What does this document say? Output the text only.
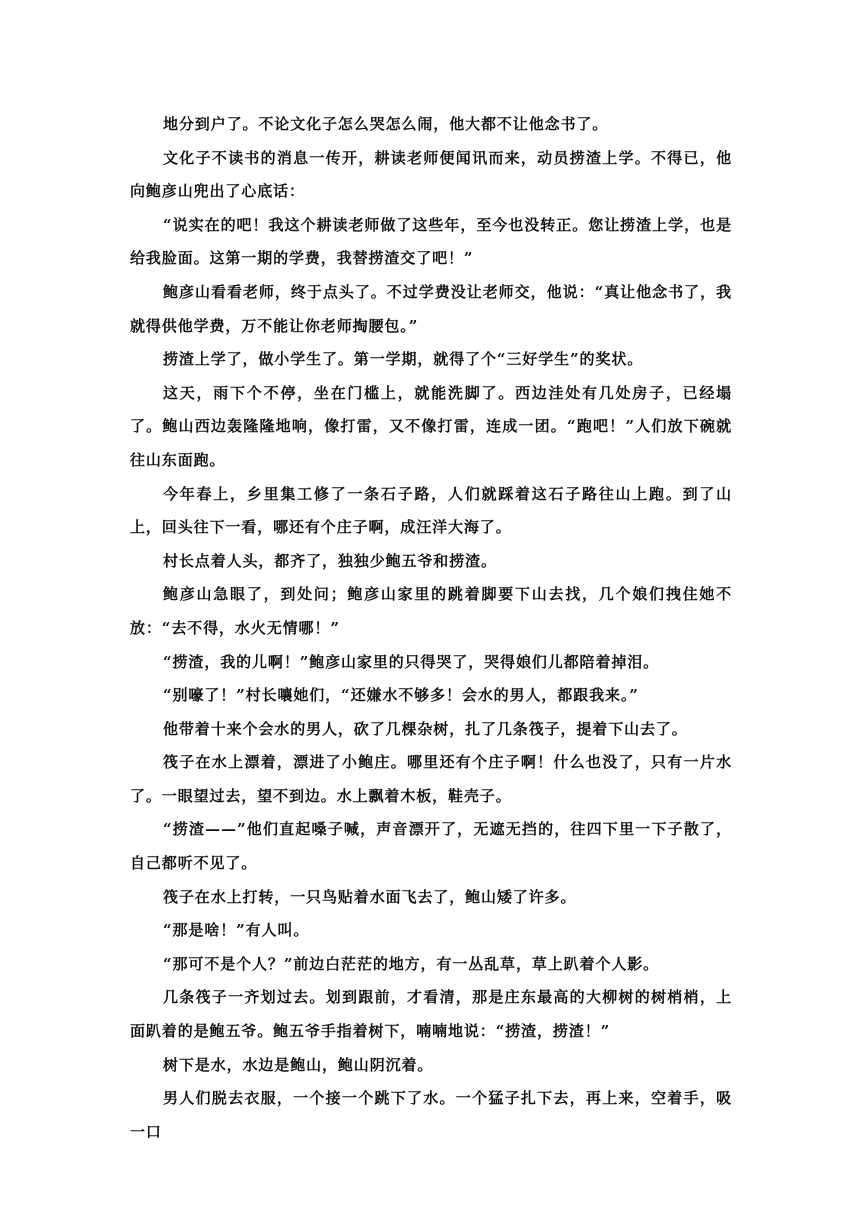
地分到户了。不论文化子怎么哭怎么闹，他大都不让他念书了。

文化子不读书的消息一传开，耕读老师便闻讯而来，动员捞渣上学。不得已，他向鲍彦山兜出了心底话：

“说实在的吧！我这个耕读老师做了这些年，至今也没转正。您让捞渣上学，也是给我脸面。这第一期的学费，我替捞渣交了吧！”

鲍彦山看看老师，终于点头了。不过学费没让老师交，他说：“真让他念书了，我就得供他学费，万不能让你老师掏腰包。”

捞渣上学了，做小学生了。第一学期，就得了个“三好学生”的奖状。

这天，雨下个不停，坐在门槛上，就能洗脚了。西边洼处有几处房子，已经塌了。鲍山西边轰隆隆地响，像打雷，又不像打雷，连成一团。“跑吧！”人们放下碗就往山东面跑。

今年春上，乡里集工修了一条石子路，人们就踩着这石子路往山上跑。到了山上，回头往下一看，哪还有个庄子啊，成汪洋大海了。

村长点着人头，都齐了，独独少鲍五爷和捞渣。

鲍彦山急眼了，到处问；鲍彦山家里的跳着脚要下山去找，几个娘们拽住她不放：“去不得，水火无情哪！”

“捞渣，我的儿啊！”鲍彦山家里的只得哭了，哭得娘们儿都陪着掉泪。

“别嚎了！”村长嚷她们，“还嫌水不够多！会水的男人，都跟我来。”

他带着十来个会水的男人，砍了几棵杂树，扎了几条筏子，提着下山去了。

筏子在水上漂着，漂进了小鲍庄。哪里还有个庄子啊！什么也没了，只有一片水了。一眼望过去，望不到边。水上飘着木板，鞋壳子。

“捞渣——”他们直起嗓子喊，声音漂开了，无遮无挡的，往四下里一下子散了，自己都听不见了。

筏子在水上打转，一只鸟贴着水面飞去了，鲍山矮了许多。

“那是啥！”有人叫。

“那可不是个人？”前边白茫茫的地方，有一丛乱草，草上趴着个人影。

几条筏子一齐划过去。划到跟前，才看清，那是庄东最高的大柳树的树梢梢，上面趴着的是鲍五爷。鲍五爷手指着树下，喃喃地说：“捞渣，捞渣！”

树下是水，水边是鲍山，鲍山阴沉着。

男人们脱去衣服，一个接一个跳下了水。一个猛子扎下去，再上来，空着手，吸一口
